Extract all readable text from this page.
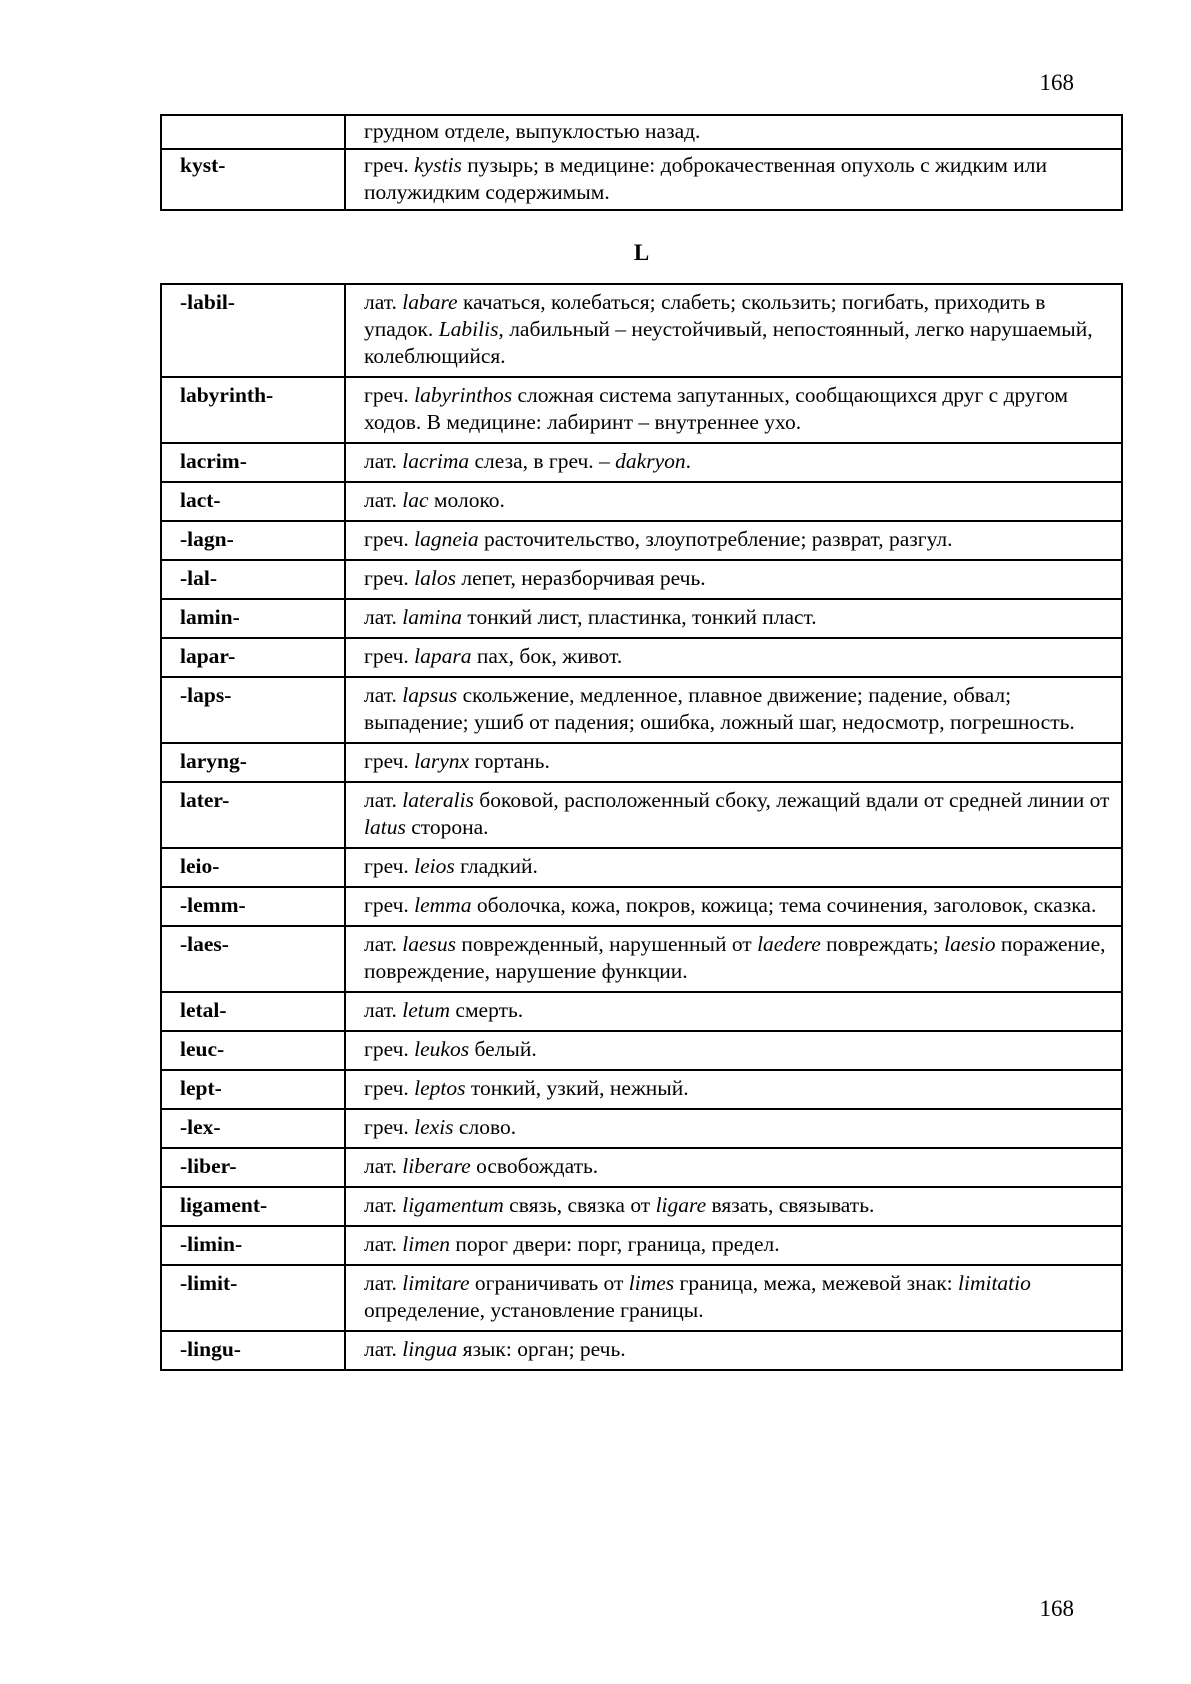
168
	грудном отделе, выпуклостью назад.
kyst-	греч. kystis пузырь; в медицине: доброкачественная опухоль с жидким или полужидким содержимым.
L
-labil-	лат. labare качаться, колебаться; слабеть; скользить; погибать, приходить в упадок. Labilis, лабильный – неустойчивый, непостоянный, легко нарушаемый, колеблющийся.
labyrinth-	греч. labyrinthos сложная система запутанных, сообщающихся друг с другом ходов. В медицине: лабиринт – внутреннее ухо.
lacrim-	лат. lacrima слеза, в греч. – dakryon.
lact-	лат. lac молоко.
-lagn-	греч. lagneia расточительство, злоупотребление; разврат, разгул.
-lal-	греч. lalos лепет, неразборчивая речь.
lamin-	лат. lamina тонкий лист, пластинка, тонкий пласт.
lapar-	греч. lapara пах, бок, живот.
-laps-	лат. lapsus скольжение, медленное, плавное движение; падение, обвал; выпадение; ушиб от падения; ошибка, ложный шаг, недосмотр, погрешность.
laryng-	греч. larynx гортань.
later-	лат. lateralis боковой, расположенный сбоку, лежащий вдали от средней линии от latus сторона.
leio-	греч. leios гладкий.
-lemm-	греч. lemma оболочка, кожа, покров, кожица; тема сочинения, заголовок, сказка.
-laes-	лат. laesus поврежденный, нарушенный от laedere повреждать; laesio поражение, повреждение, нарушение функции.
letal-	лат. letum смерть.
leuc-	греч. leukos белый.
lept-	греч. leptos тонкий, узкий, нежный.
-lex-	греч. lexis слово.
-liber-	лат. liberare освобождать.
ligament-	лат. ligamentum связь, связка от ligare вязать, связывать.
-limin-	лат. limen порог двери: порг, граница, предел.
-limit-	лат. limitare ограничивать от limes граница, межа, межевой знак: limitatio определение, установление границы.
-lingu-	лат. lingua язык: орган; речь.
168
